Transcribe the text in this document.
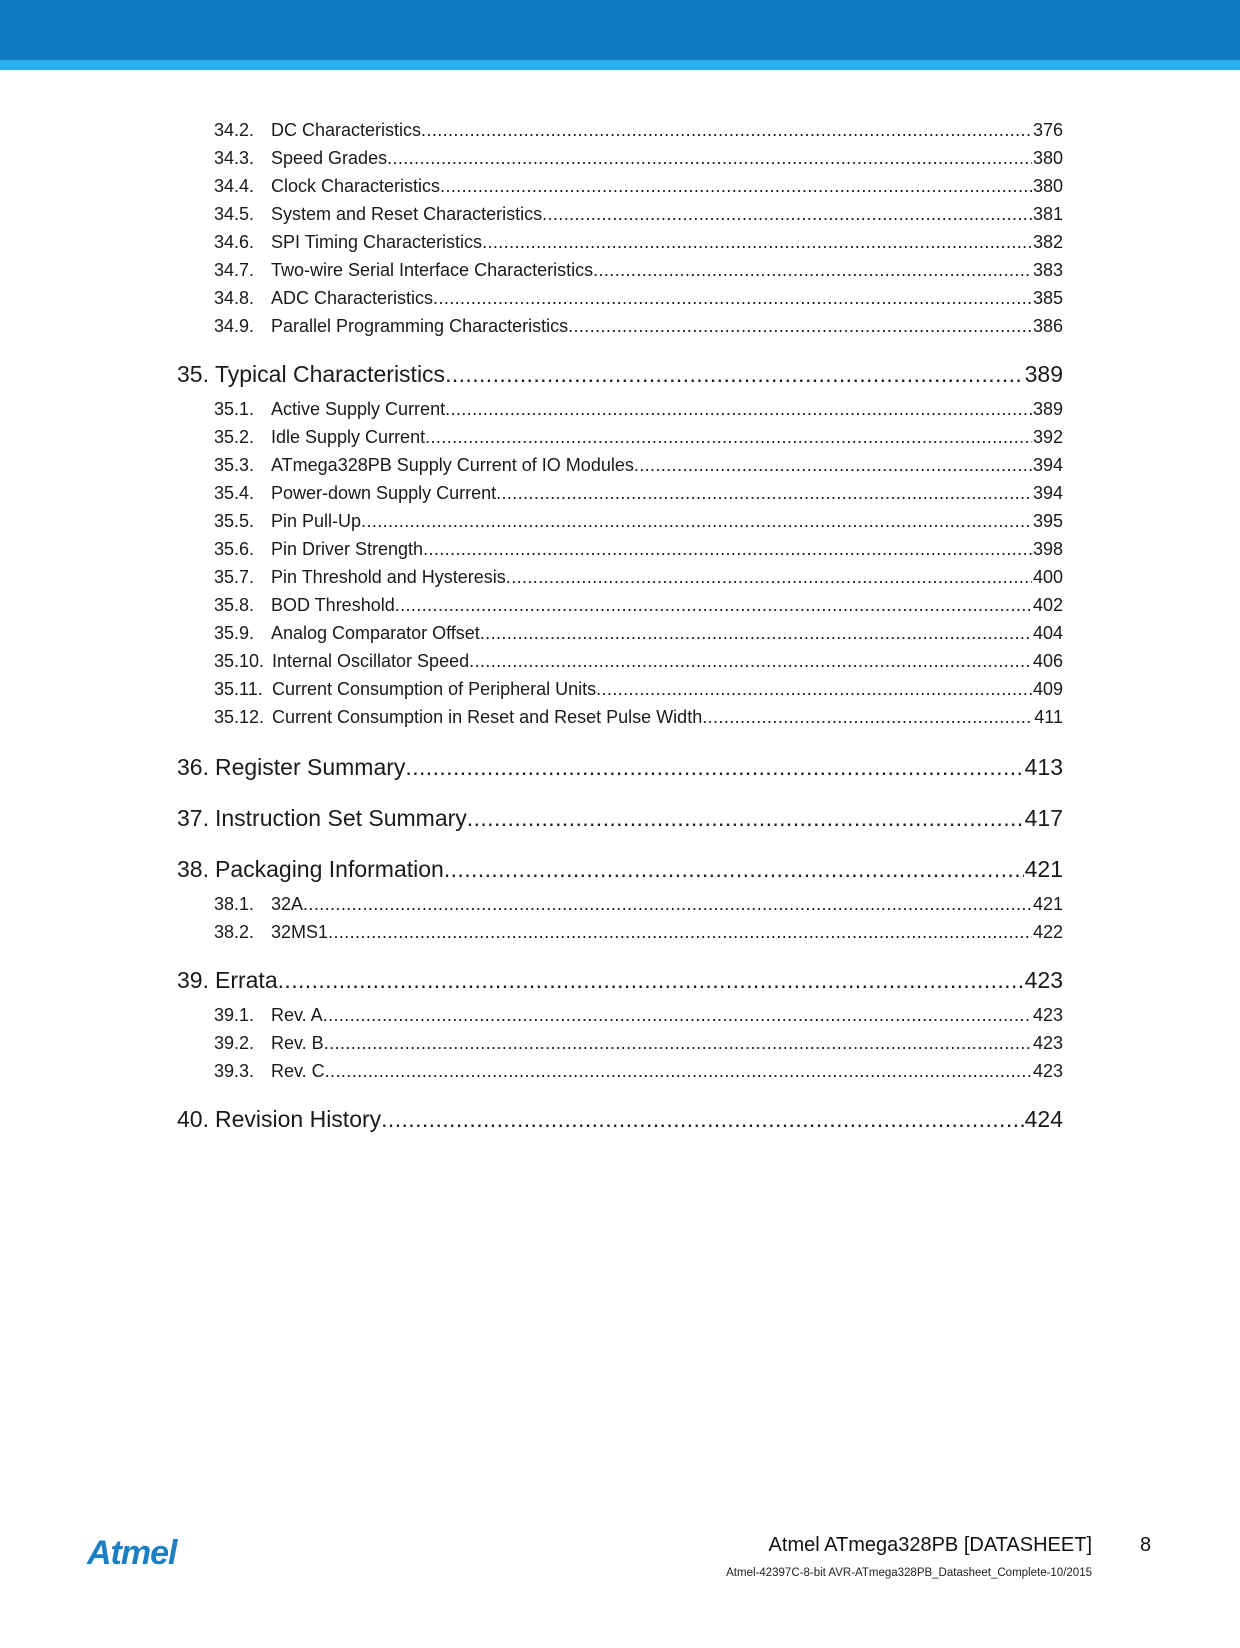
34.2. DC Characteristics .....	376
34.3. Speed Grades .....	380
34.4. Clock Characteristics .....	380
34.5. System and Reset Characteristics .....	381
34.6. SPI Timing Characteristics .....	382
34.7. Two-wire Serial Interface Characteristics .....	383
34.8. ADC Characteristics .....	385
34.9. Parallel Programming Characteristics .....	386
35. Typical Characteristics .....	389
35.1. Active Supply Current .....	389
35.2. Idle Supply Current .....	392
35.3. ATmega328PB Supply Current of IO Modules .....	394
35.4. Power-down Supply Current .....	394
35.5. Pin Pull-Up .....	395
35.6. Pin Driver Strength .....	398
35.7. Pin Threshold and Hysteresis .....	400
35.8. BOD Threshold .....	402
35.9. Analog Comparator Offset .....	404
35.10. Internal Oscillator Speed .....	406
35.11. Current Consumption of Peripheral Units .....	409
35.12. Current Consumption in Reset and Reset Pulse Width .....	411
36. Register Summary .....	413
37. Instruction Set Summary .....	417
38. Packaging Information .....	421
38.1. 32A .....	421
38.2. 32MS1 .....	422
39. Errata .....	423
39.1. Rev. A .....	423
39.2. Rev. B .....	423
39.3. Rev. C .....	423
40. Revision History .....	424
Atmel	Atmel ATmega328PB [DATASHEET] 8
Atmel-42397C-8-bit AVR-ATmega328PB_Datasheet_Complete-10/2015
